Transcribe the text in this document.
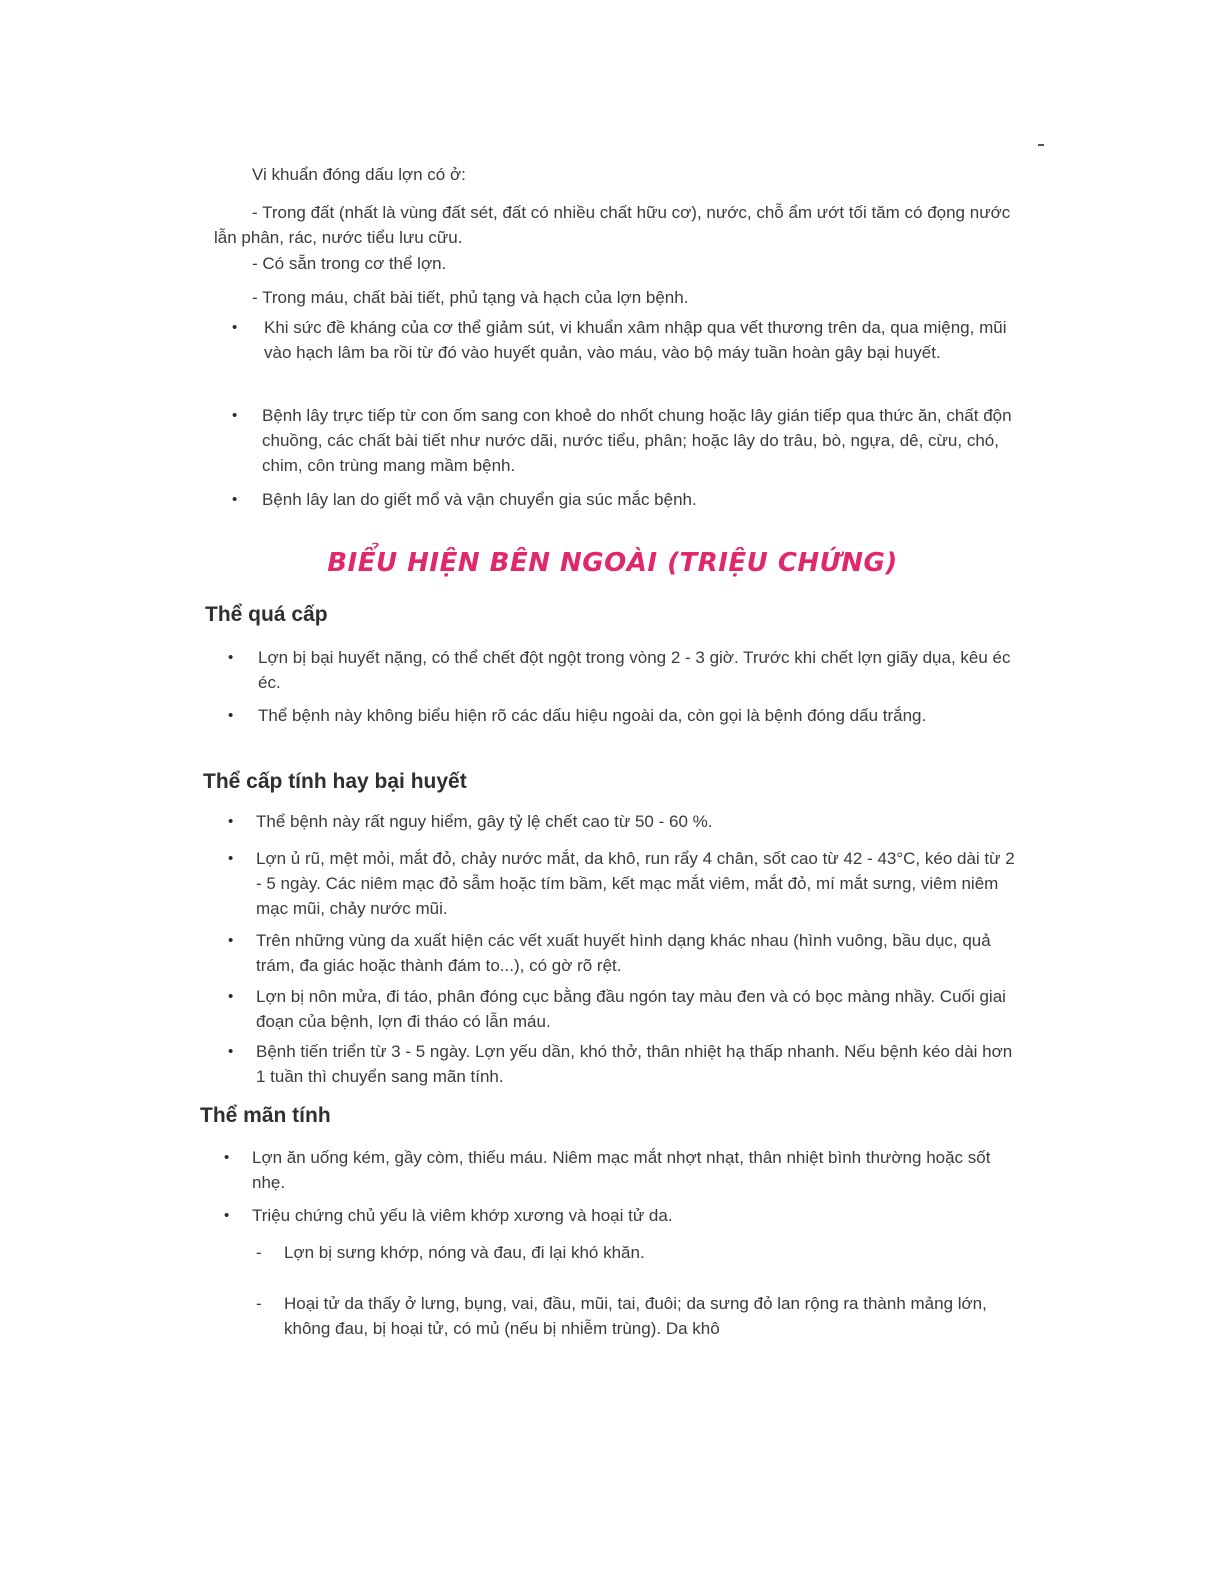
Vi khuẩn đóng dấu lợn có ở:
- Trong đất (nhất là vùng đất sét, đất có nhiều chất hữu cơ), nước, chỗ ẩm ướt tối tăm có đọng nước lẫn phân, rác, nước tiểu lưu cữu.
- Có sẵn trong cơ thể lợn.
- Trong máu, chất bài tiết, phủ tạng và hạch của lợn bệnh.
• Khi sức đề kháng của cơ thể giảm sút, vi khuẩn xâm nhập qua vết thương trên da, qua miệng, mũi vào hạch lâm ba rồi từ đó vào huyết quản, vào máu, vào bộ máy tuần hoàn gây bại huyết.
• Bệnh lây trực tiếp từ con ốm sang con khoẻ do nhốt chung hoặc lây gián tiếp qua thức ăn, chất độn chuồng, các chất bài tiết như nước dãi, nước tiểu, phân; hoặc lây do trâu, bò, ngựa, dê, cừu, chó, chim, côn trùng mang mầm bệnh.
• Bệnh lây lan do giết mổ và vận chuyển gia súc mắc bệnh.
BIỂU HIỆN BÊN NGOÀI (TRIỆU CHỨNG)
Thể quá cấp
• Lợn bị bại huyết nặng, có thể chết đột ngột trong vòng 2 - 3 giờ. Trước khi chết lợn giãy dụa, kêu éc éc.
• Thể bệnh này không biểu hiện rõ các dấu hiệu ngoài da, còn gọi là bệnh đóng dấu trắng.
Thể cấp tính hay bại huyết
• Thể bệnh này rất nguy hiểm, gây tỷ lệ chết cao từ 50 - 60 %.
• Lợn ủ rũ, mệt mỏi, mắt đỏ, chảy nước mắt, da khô, run rẩy 4 chân, sốt cao từ 42 - 43°C, kéo dài từ 2 - 5 ngày. Các niêm mạc đỏ sẫm hoặc tím bầm, kết mạc mắt viêm, mắt đỏ, mí mắt sưng, viêm niêm mạc mũi, chảy nước mũi.
• Trên những vùng da xuất hiện các vết xuất huyết hình dạng khác nhau (hình vuông, bầu dục, quả trám, đa giác hoặc thành đám to...), có gờ rõ rệt.
• Lợn bị nôn mửa, đi táo, phân đóng cục bằng đầu ngón tay màu đen và có bọc màng nhầy. Cuối giai đoạn của bệnh, lợn đi tháo có lẫn máu.
• Bệnh tiến triển từ 3 - 5 ngày. Lợn yếu dần, khó thở, thân nhiệt hạ thấp nhanh. Nếu bệnh kéo dài hơn 1 tuần thì chuyển sang mãn tính.
Thể mãn tính
• Lợn ăn uống kém, gầy còm, thiếu máu. Niêm mạc mắt nhợt nhạt, thân nhiệt bình thường hoặc sốt nhẹ.
• Triệu chứng chủ yếu là viêm khớp xương và hoại tử da.
- Lợn bị sưng khớp, nóng và đau, đi lại khó khăn.
- Hoại tử da thấy ở lưng, bụng, vai, đầu, mũi, tai, đuôi; da sưng đỏ lan rộng ra thành mảng lớn, không đau, bị hoại tử, có mủ (nếu bị nhiễm trùng). Da khô
